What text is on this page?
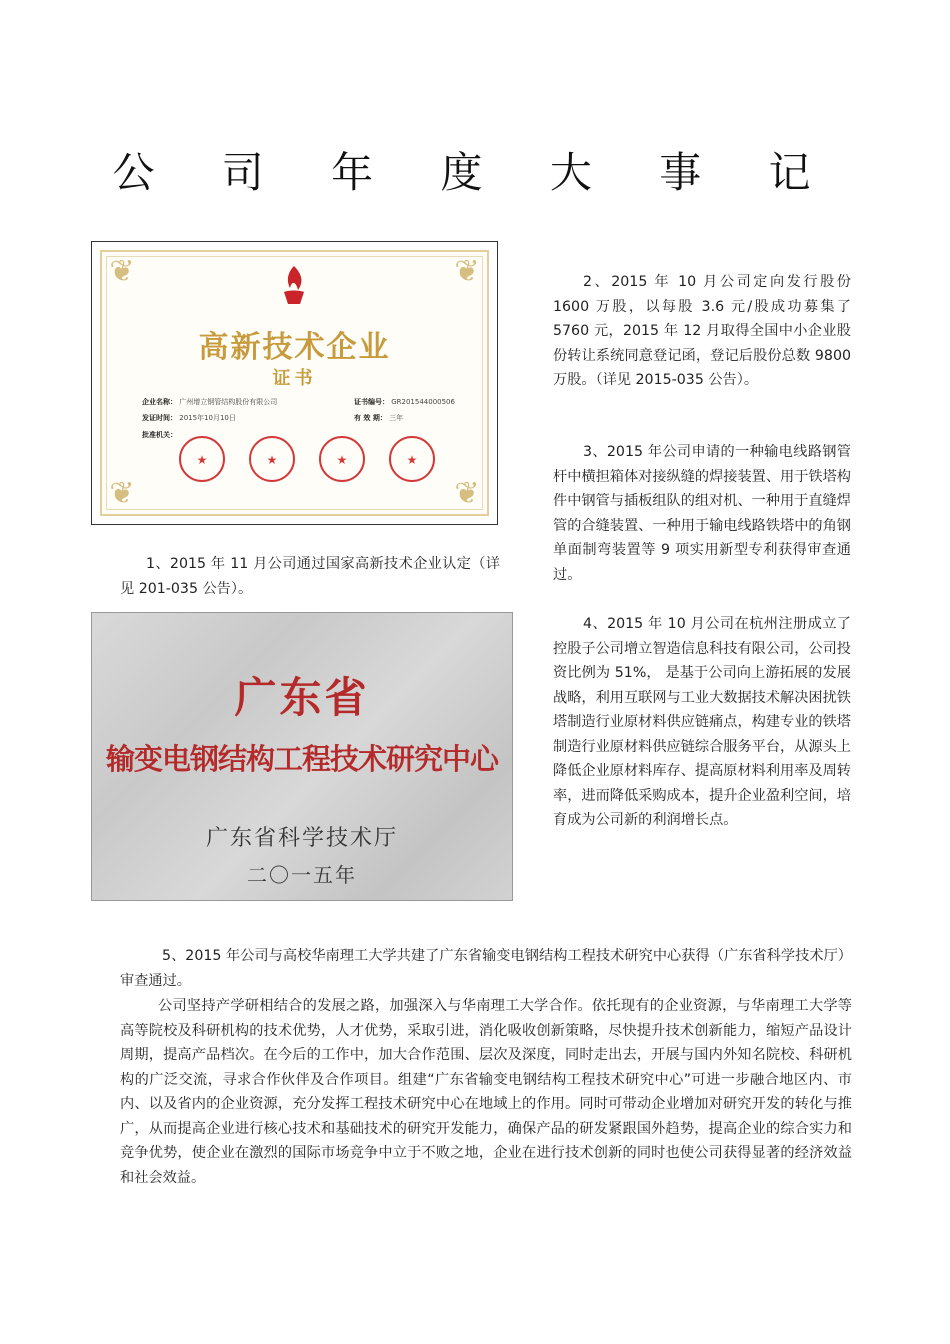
公 司 年 度 大 事 记
❦	❦
❦	❦
高新技术企业
证书
企业名称： 广州增立钢管结构股份有限公司	证书编号： GR201544000506
发证时间： 2015年10月10日	有 效 期： 三年
批准机关：
★	★	★	★

1、2015 年 11 月公司通过国家高新技术企业认定（详见 201-035 公告）。

广东省
输变电钢结构工程技术研究中心
广东省科学技术厅
二〇一五年

2、2015 年 10 月公司定向发行股份 1600 万股，以每股 3.6 元/股成功募集了 5760 元，2015 年 12 月取得全国中小企业股份转让系统同意登记函，登记后股份总数 9800 万股。（详见 2015-035 公告）。

3、2015 年公司申请的一种输电线路钢管杆中横担箱体对接纵缝的焊接装置、用于铁塔构件中钢管与插板组队的组对机、一种用于直缝焊管的合缝装置、一种用于输电线路铁塔中的角钢单面制弯装置等 9 项实用新型专利获得审查通过。

4、2015 年 10 月公司在杭州注册成立了控股子公司增立智造信息科技有限公司，公司投资比例为 51%， 是基于公司向上游拓展的发展战略，利用互联网与工业大数据技术解决困扰铁塔制造行业原材料供应链痛点，构建专业的铁塔制造行业原材料供应链综合服务平台，从源头上降低企业原材料库存、提高原材料利用率及周转率，进而降低采购成本，提升企业盈利空间，培育成为公司新的利润增长点。

5、2015 年公司与高校华南理工大学共建了广东省输变电钢结构工程技术研究中心获得（广东省科学技术厅）审查通过。

公司坚持产学研相结合的发展之路，加强深入与华南理工大学合作。依托现有的企业资源，与华南理工大学等高等院校及科研机构的技术优势，人才优势，采取引进，消化吸收创新策略，尽快提升技术创新能力，缩短产品设计周期，提高产品档次。在今后的工作中，加大合作范围、层次及深度，同时走出去，开展与国内外知名院校、科研机构的广泛交流，寻求合作伙伴及合作项目。组建“广东省输变电钢结构工程技术研究中心”可进一步融合地区内、市内、以及省内的企业资源，充分发挥工程技术研究中心在地域上的作用。同时可带动企业增加对研究开发的转化与推广，从而提高企业进行核心技术和基础技术的研究开发能力，确保产品的研发紧跟国外趋势，提高企业的综合实力和竞争优势，使企业在激烈的国际市场竞争中立于不败之地，企业在进行技术创新的同时也使公司获得显著的经济效益和社会效益。
